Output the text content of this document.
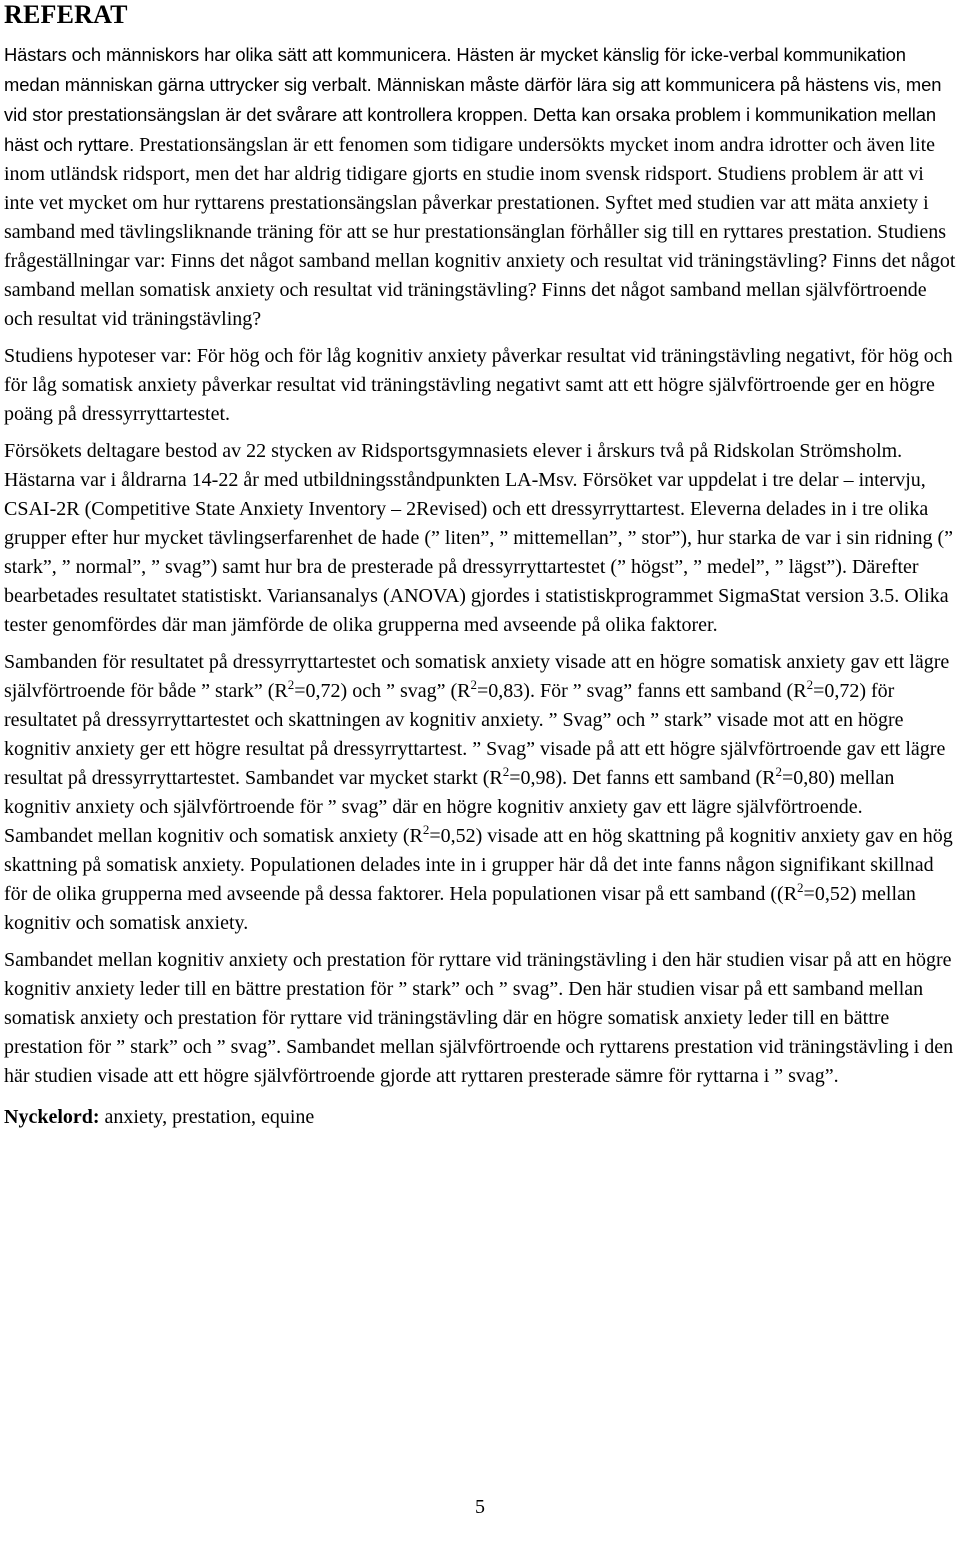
REFERAT

Hästars och människors har olika sätt att kommunicera. Hästen är mycket känslig för icke-verbal kommunikation medan människan gärna uttrycker sig verbalt. Människan måste därför lära sig att kommunicera på hästens vis, men vid stor prestationsängslan är det svårare att kontrollera kroppen. Detta kan orsaka problem i kommunikation mellan häst och ryttare. Prestationsängslan är ett fenomen som tidigare undersökts mycket inom andra idrotter och även lite inom utländsk ridsport, men det har aldrig tidigare gjorts en studie inom svensk ridsport. Studiens problem är att vi inte vet mycket om hur ryttarens prestationsängslan påverkar prestationen. Syftet med studien var att mäta anxiety i samband med tävlingsliknande träning för att se hur prestationsänglan förhåller sig till en ryttares prestation. Studiens frågeställningar var: Finns det något samband mellan kognitiv anxiety och resultat vid träningstävling? Finns det något samband mellan somatisk anxiety och resultat vid träningstävling? Finns det något samband mellan självförtroende och resultat vid träningstävling?

Studiens hypoteser var: För hög och för låg kognitiv anxiety påverkar resultat vid träningstävling negativt, för hög och för låg somatisk anxiety påverkar resultat vid träningstävling negativt samt att ett högre självförtroende ger en högre poäng på dressyrryttartestet.

Försökets deltagare bestod av 22 stycken av Ridsportsgymnasiets elever i årskurs två på Ridskolan Strömsholm. Hästarna var i åldrarna 14-22 år med utbildningsståndpunkten LA-Msv. Försöket var uppdelat i tre delar – intervju, CSAI-2R (Competitive State Anxiety Inventory – 2Revised) och ett dressyrryttartest. Eleverna delades in i tre olika grupper efter hur mycket tävlingserfarenhet de hade (” liten”, ” mittemellan”, ” stor”), hur starka de var i sin ridning (” stark”, ” normal”, ” svag”) samt hur bra de presterade på dressyrryttartestet (” högst”, ” medel”, ” lägst”). Därefter bearbetades resultatet statistiskt. Variansanalys (ANOVA) gjordes i statistiskprogrammet SigmaStat version 3.5. Olika tester genomfördes där man jämförde de olika grupperna med avseende på olika faktorer.

Sambanden för resultatet på dressyrryttartestet och somatisk anxiety visade att en högre somatisk anxiety gav ett lägre självförtroende för både ” stark” $(R^2=0,72)$ och ” svag” $(R^2=0,83)$. För ” svag” fanns ett samband $(R^2=0,72)$ för resultatet på dressyrryttartestet och skattningen av kognitiv anxiety. ” Svag” och ” stark” visade mot att en högre kognitiv anxiety ger ett högre resultat på dressyrryttartest. ” Svag” visade på att ett högre självförtroende gav ett lägre resultat på dressyrryttartestet. Sambandet var mycket starkt $(R^2=0,98)$. Det fanns ett samband $(R^2=0,80)$ mellan kognitiv anxiety och självförtroende för ” svag” där en högre kognitiv anxiety gav ett lägre självförtroende. Sambandet mellan kognitiv och somatisk anxiety $(R^2=0,52)$ visade att en hög skattning på kognitiv anxiety gav en hög skattning på somatisk anxiety. Populationen delades inte in i grupper här då det inte fanns någon signifikant skillnad för de olika grupperna med avseende på dessa faktorer. Hela populationen visar på ett samband ($(R^2=0,52)$ mellan kognitiv och somatisk anxiety.

Sambandet mellan kognitiv anxiety och prestation för ryttare vid träningstävling i den här studien visar på att en högre kognitiv anxiety leder till en bättre prestation för ” stark” och ” svag”. Den här studien visar på ett samband mellan somatisk anxiety och prestation för ryttare vid träningstävling där en högre somatisk anxiety leder till en bättre prestation för ” stark” och ” svag”. Sambandet mellan självförtroende och ryttarens prestation vid träningstävling i den här studien visade att ett högre självförtroende gjorde att ryttaren presterade sämre för ryttarna i ” svag”.

Nyckelord: anxiety, prestation, equine

5
